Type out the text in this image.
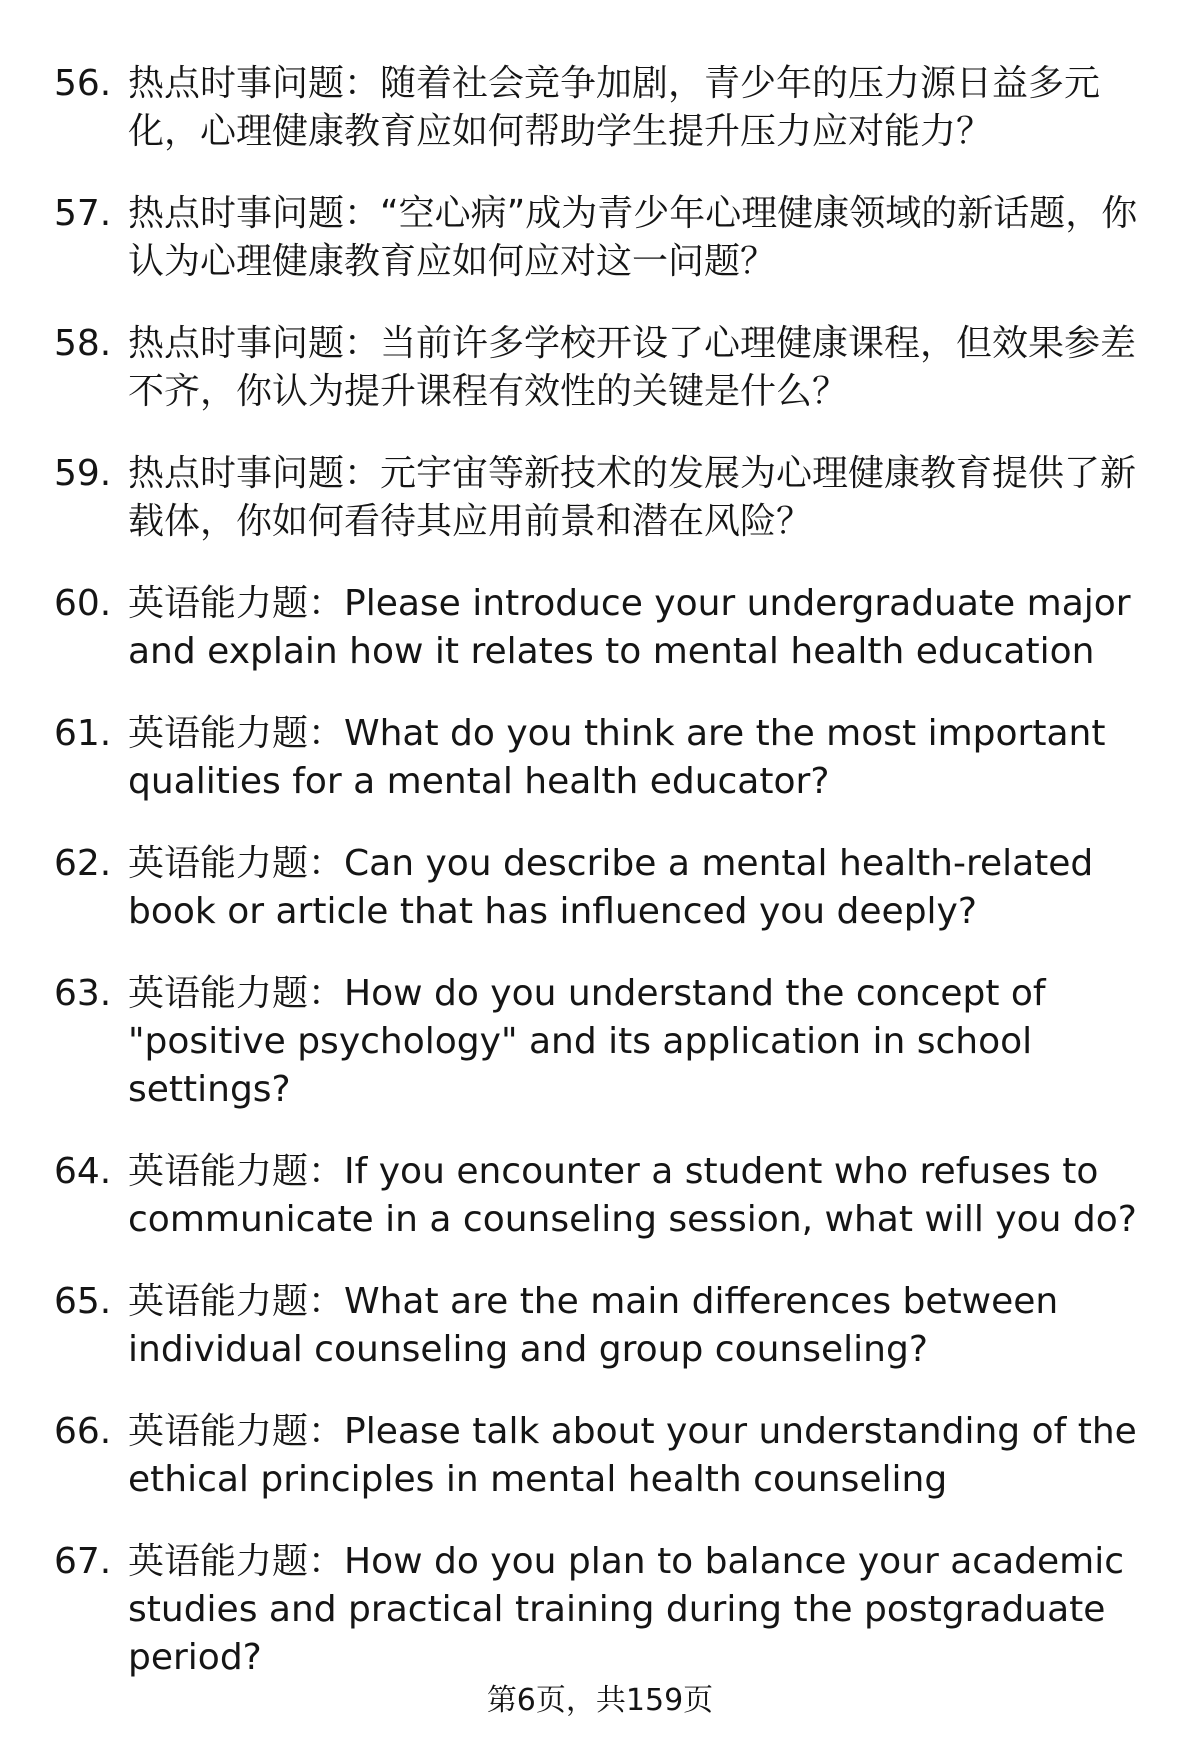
56. 热点时事问题：随着社会竞争加剧，青少年的压力源日益多元化，心理健康教育应如何帮助学生提升压力应对能力？
57. 热点时事问题：“空心病”成为青少年心理健康领域的新话题，你认为心理健康教育应如何应对这一问题？
58. 热点时事问题：当前许多学校开设了心理健康课程，但效果参差不齐，你认为提升课程有效性的关键是什么？
59. 热点时事问题：元宇宙等新技术的发展为心理健康教育提供了新载体，你如何看待其应用前景和潜在风险？
60. 英语能力题：Please introduce your undergraduate major and explain how it relates to mental health education
61. 英语能力题：What do you think are the most important qualities for a mental health educator?
62. 英语能力题：Can you describe a mental health-related book or article that has influenced you deeply?
63. 英语能力题：How do you understand the concept of "positive psychology" and its application in school settings?
64. 英语能力题：If you encounter a student who refuses to communicate in a counseling session, what will you do?
65. 英语能力题：What are the main differences between individual counseling and group counseling?
66. 英语能力题：Please talk about your understanding of the ethical principles in mental health counseling
67. 英语能力题：How do you plan to balance your academic studies and practical training during the postgraduate period?
第6页，共159页
